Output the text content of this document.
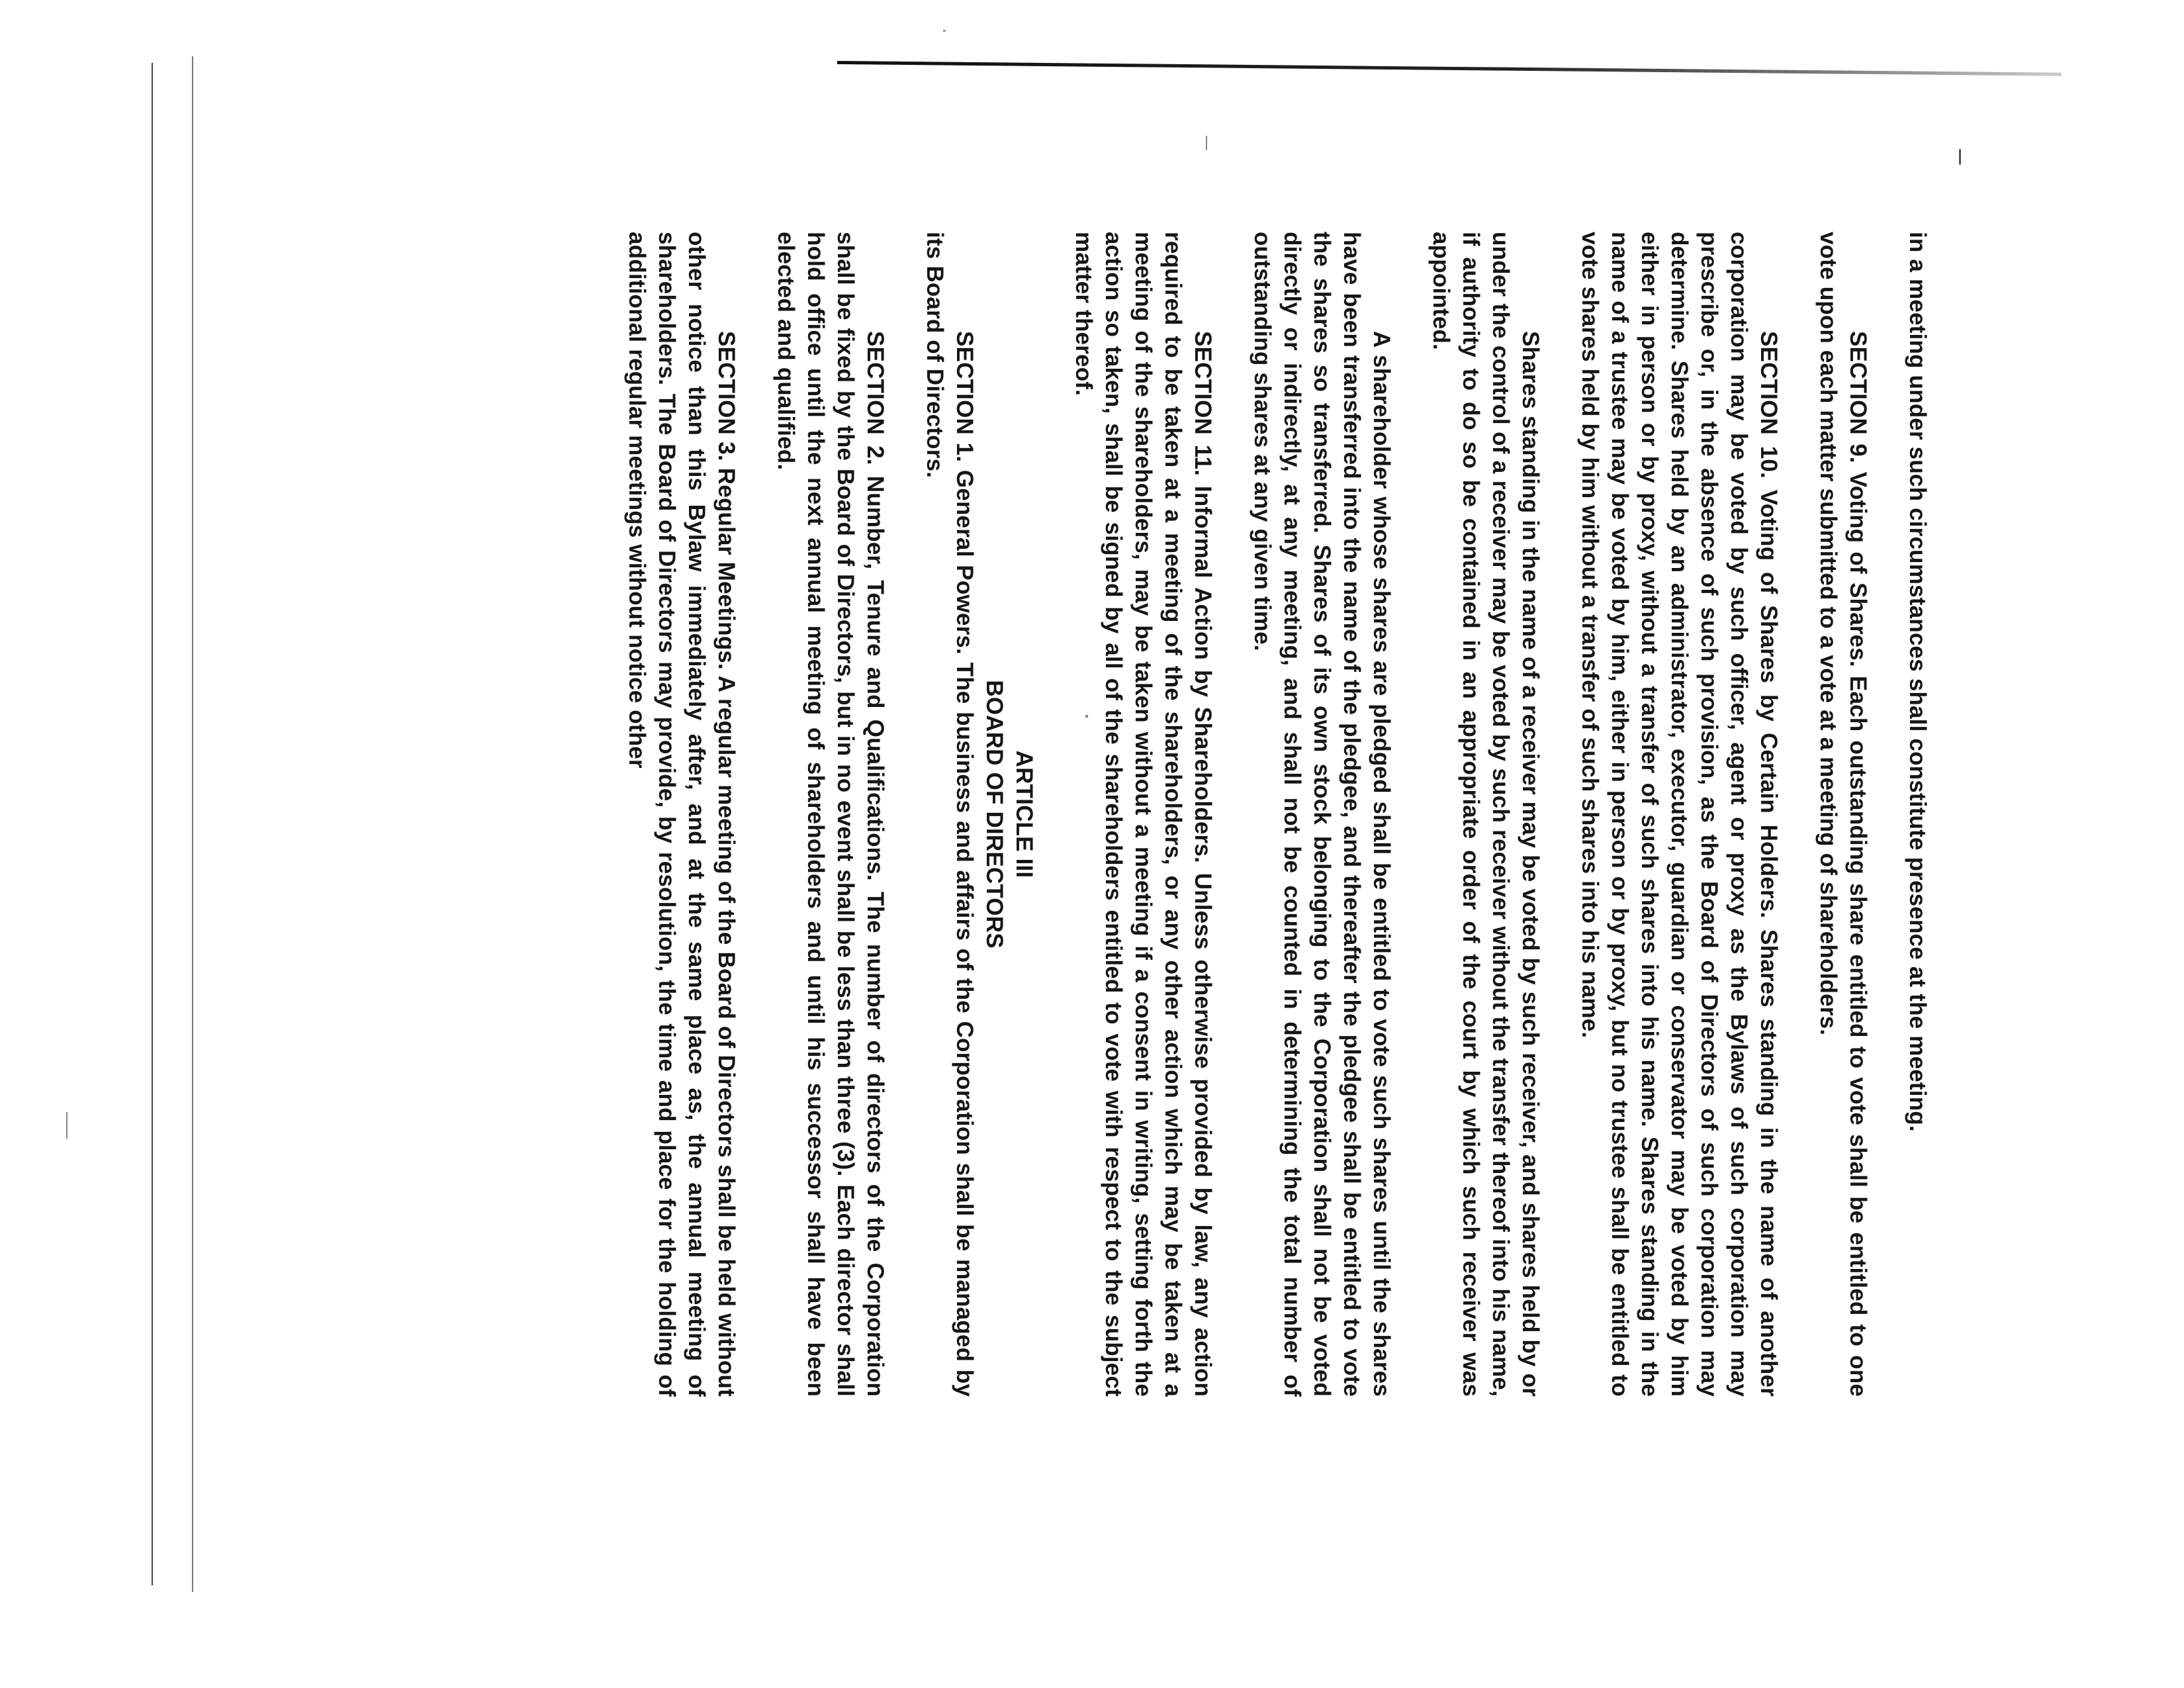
in a meeting under such circumstances shall constitute presence at the meeting.

SECTION 9. Voting of Shares. Each outstanding share entitled to vote shall be entitled to one vote upon each matter submitted to a vote at a meeting of shareholders.

SECTION 10. Voting of Shares by Certain Holders. Shares standing in the name of another corporation may be voted by such officer, agent or proxy as the Bylaws of such corporation may prescribe or, in the absence of such provision, as the Board of Directors of such corporation may determine. Shares held by an administrator, executor, guardian or conservator may be voted by him either in person or by proxy, without a transfer of such shares into his name. Shares standing in the name of a trustee may be voted by him, either in person or by proxy, but no trustee shall be entitled to vote shares held by him without a transfer of such shares into his name.

Shares standing in the name of a receiver may be voted by such receiver, and shares held by or under the control of a receiver may be voted by such receiver without the transfer thereof into his name, if authority to do so be contained in an appropriate order of the court by which such receiver was appointed.

A shareholder whose shares are pledged shall be entitled to vote such shares until the shares have been transferred into the name of the pledgee, and thereafter the pledgee shall be entitled to vote the shares so transferred. Shares of its own stock belonging to the Corporation shall not be voted directly or indirectly, at any meeting, and shall not be counted in determining the total number of outstanding shares at any given time.

SECTION 11. Informal Action by Shareholders. Unless otherwise provided by law, any action required to be taken at a meeting of the shareholders, or any other action which may be taken at a meeting of the shareholders, may be taken without a meeting if a consent in writing, setting forth the action so taken, shall be signed by all of the shareholders entitled to vote with respect to the subject matter thereof.

ARTICLE III

BOARD OF DIRECTORS

SECTION 1. General Powers. The business and affairs of the Corporation shall be managed by its Board of Directors.

SECTION 2. Number, Tenure and Qualifications. The number of directors of the Corporation shall be fixed by the Board of Directors, but in no event shall be less than three (3). Each director shall hold office until the next annual meeting of shareholders and until his successor shall have been elected and qualified.

SECTION 3. Regular Meetings. A regular meeting of the Board of Directors shall be held without other notice than this Bylaw immediately after, and at the same place as, the annual meeting of shareholders. The Board of Directors may provide, by resolution, the time and place for the holding of additional regular meetings without notice other
